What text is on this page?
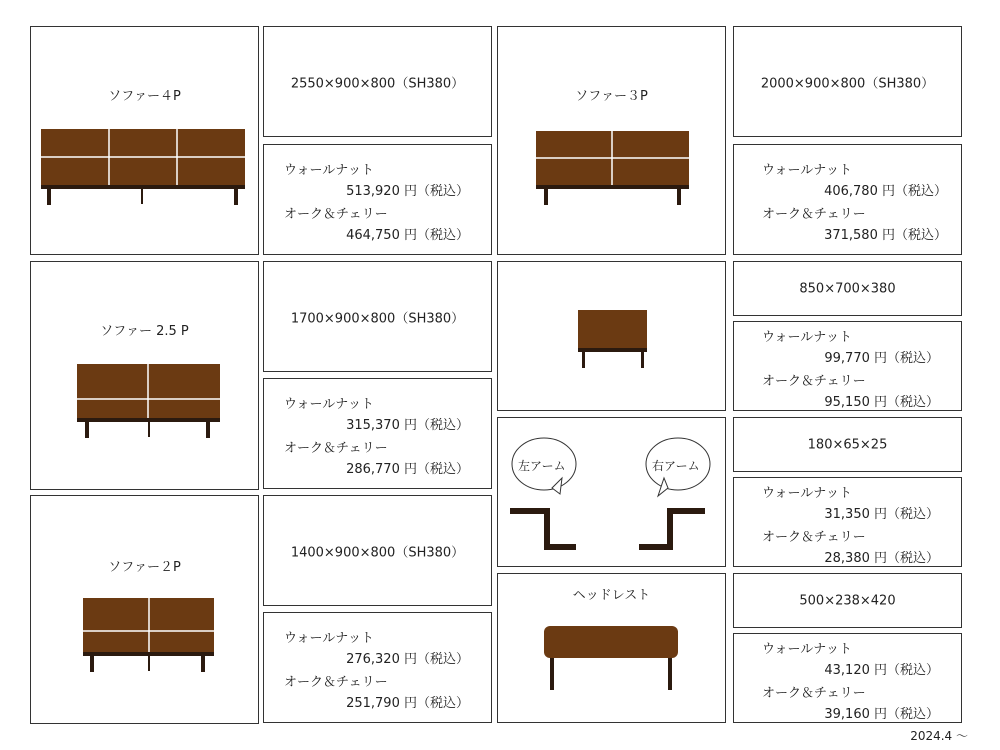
ソファー４P
2550×900×800（SH380）
ウォールナット
513,920 円（税込）
オーク＆チェリー
464,750 円（税込）
ソファー３P
2000×900×800（SH380）
ウォールナット
406,780 円（税込）
オーク＆チェリー
371,580 円（税込）
ソファー 2.5 P
1700×900×800（SH380）
ウォールナット
315,370 円（税込）
オーク＆チェリー
286,770 円（税込）
850×700×380
ウォールナット
99,770 円（税込）
オーク＆チェリー
95,150 円（税込）
左アーム	右アーム
180×65×25
ウォールナット
31,350 円（税込）
オーク＆チェリー
28,380 円（税込）
ソファー２P
1400×900×800（SH380）
ウォールナット
276,320 円（税込）
オーク＆チェリー
251,790 円（税込）
ヘッドレスト	500×238×420
ウォールナット
43,120 円（税込）
オーク＆チェリー
39,160 円（税込）
2024.4 〜
